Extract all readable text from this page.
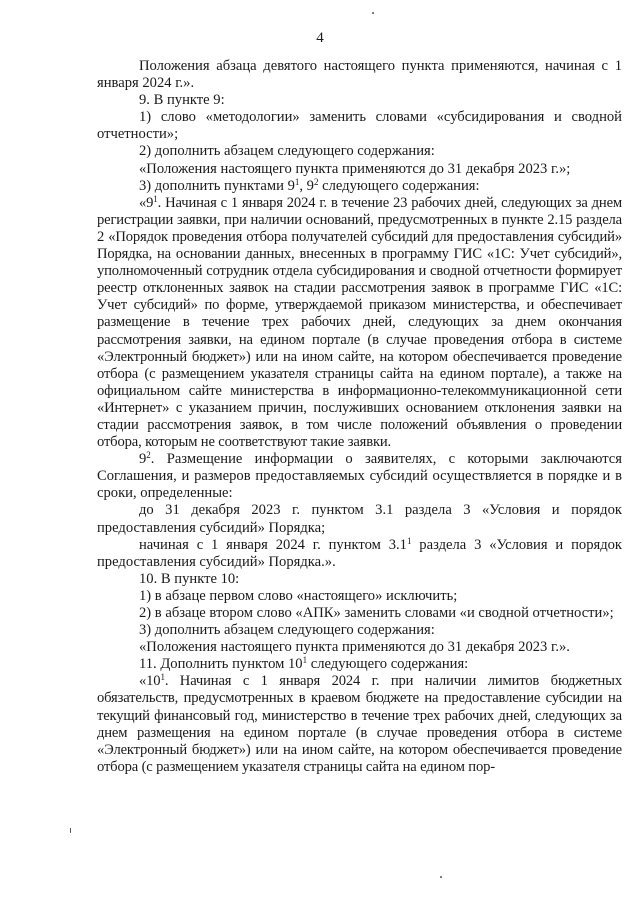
4

Положения абзаца девятого настоящего пункта применяются, начиная с 1 января 2024 г.».

9. В пункте 9:

1) слово «методологии» заменить словами «субсидирования и сводной отчетности»;

2) дополнить абзацем следующего содержания:

«Положения настоящего пункта применяются до 31 декабря 2023 г.»;

3) дополнить пунктами $9^1$, $9^2$ следующего содержания:

«$9^1$. Начиная с 1 января 2024 г. в течение 23 рабочих дней, следующих за днем регистрации заявки, при наличии оснований, предусмотренных в пункте 2.15 раздела 2 «Порядок проведения отбора получателей субсидий для предоставления субсидий» Порядка, на основании данных, внесенных в программу ГИС «1С: Учет субсидий», уполномоченный сотрудник отдела субсидирования и сводной отчетности формирует реестр отклоненных заявок на стадии рассмотрения заявок в программе ГИС «1С: Учет субсидий» по форме, утверждаемой приказом министерства, и обеспечивает размещение в течение трех рабочих дней, следующих за днем окончания рассмотрения заявки, на едином портале (в случае проведения отбора в системе «Электронный бюджет») или на ином сайте, на котором обеспечивается проведение отбора (с размещением указателя страницы сайта на едином портале), а также на официальном сайте министерства в информационно-телекоммуникационной сети «Интернет» с указанием причин, послуживших основанием отклонения заявки на стадии рассмотрения заявок, в том числе положений объявления о проведении отбора, которым не соответствуют такие заявки.

$9^2$. Размещение информации о заявителях, с которыми заключаются Соглашения, и размеров предоставляемых субсидий осуществляется в порядке и в сроки, определенные:

до 31 декабря 2023 г. пунктом 3.1 раздела 3 «Условия и порядок предоставления субсидий» Порядка;

начиная с 1 января 2024 г. пунктом $3.1^1$ раздела 3 «Условия и порядок предоставления субсидий» Порядка.».

10. В пункте 10:

1) в абзаце первом слово «настоящего» исключить;

2) в абзаце втором слово «АПК» заменить словами «и сводной отчетности»;

3) дополнить абзацем следующего содержания:

«Положения настоящего пункта применяются до 31 декабря 2023 г.».

11. Дополнить пунктом $10^1$ следующего содержания:

«$10^1$. Начиная с 1 января 2024 г. при наличии лимитов бюджетных обязательств, предусмотренных в краевом бюджете на предоставление субсидии на текущий финансовый год, министерство в течение трех рабочих дней, следующих за днем размещения на едином портале (в случае проведения отбора в системе «Электронный бюджет») или на ином сайте, на котором обеспечивается проведение отбора (с размещением указателя страницы сайта на едином пор-
